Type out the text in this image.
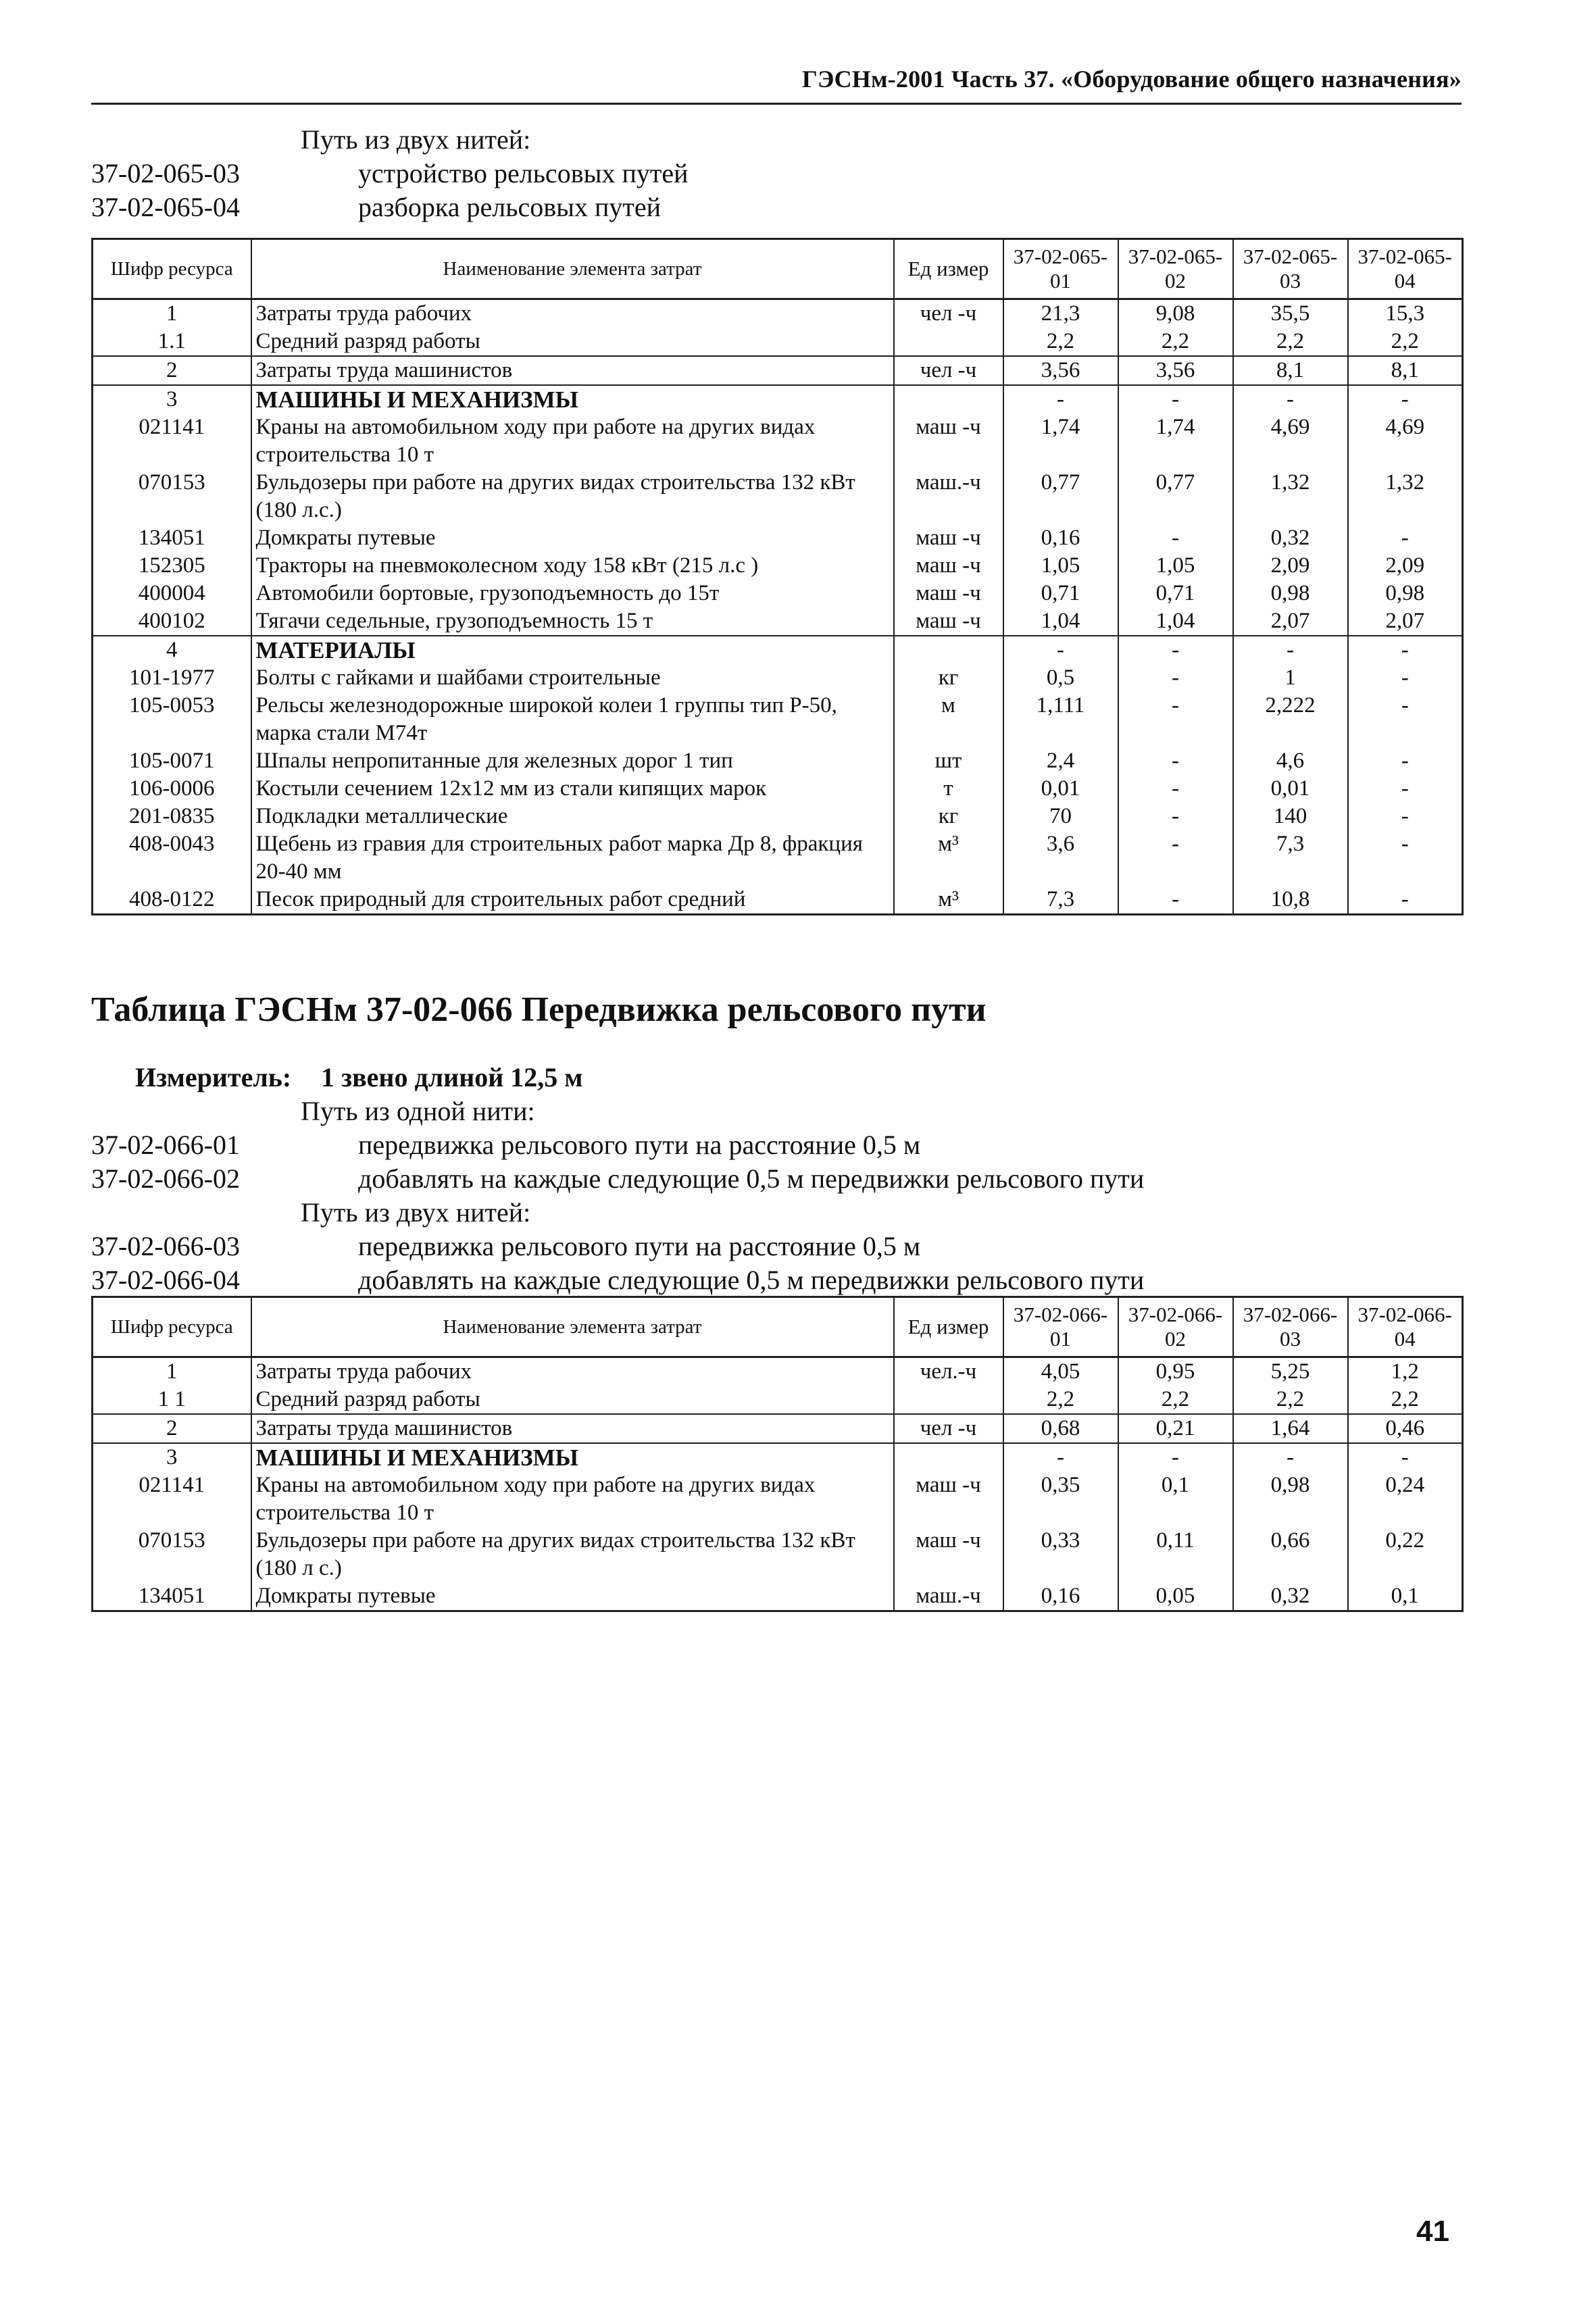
ГЭСНм-2001 Часть 37. «Оборудование общего назначения»
Путь из двух нитей:
37-02-065-03	устройство рельсовых путей
37-02-065-04	разборка рельсовых путей
Шифр ресурса	Наименование элемента затрат	Ед измер	37-02-065-01	37-02-065-02	37-02-065-03	37-02-065-04
1	Затраты труда рабочих	чел -ч	21,3	9,08	35,5	15,3
1.1	Средний разряд работы		2,2	2,2	2,2	2,2
2	Затраты труда машинистов	чел -ч	3,56	3,56	8,1	8,1
3	МАШИНЫ И МЕХАНИЗМЫ		-	-	-	-
021141	Краны на автомобильном ходу при работе на других видах строительства 10 т	маш -ч	1,74	1,74	4,69	4,69
070153	Бульдозеры при работе на других видах строительства 132 кВт (180 л.с.)	маш.-ч	0,77	0,77	1,32	1,32
134051	Домкраты путевые	маш -ч	0,16	-	0,32	-
152305	Тракторы на пневмоколесном ходу 158 кВт (215 л.с )	маш -ч	1,05	1,05	2,09	2,09
400004	Автомобили бортовые, грузоподъемность до 15т	маш -ч	0,71	0,71	0,98	0,98
400102	Тягачи седельные, грузоподъемность 15 т	маш -ч	1,04	1,04	2,07	2,07
4	МАТЕРИАЛЫ		-	-	-	-
101-1977	Болты с гайками и шайбами строительные	кг	0,5	-	1	-
105-0053	Рельсы железнодорожные широкой колеи 1 группы тип Р-50, марка стали М74т	м	1,111	-	2,222	-
105-0071	Шпалы непропитанные для железных дорог 1 тип	шт	2,4	-	4,6	-
106-0006	Костыли сечением 12х12 мм из стали кипящих марок	т	0,01	-	0,01	-
201-0835	Подкладки металлические	кг	70	-	140	-
408-0043	Щебень из гравия для строительных работ марка Др 8, фракция 20-40 мм	м³	3,6	-	7,3	-
408-0122	Песок природный для строительных работ средний	м³	7,3	-	10,8	-
Таблица ГЭСНм 37-02-066 Передвижка рельсового пути
Измеритель: 1 звено длиной 12,5 м
Путь из одной нити:
37-02-066-01	передвижка рельсового пути на расстояние 0,5 м
37-02-066-02	добавлять на каждые следующие 0,5 м передвижки рельсового пути
Путь из двух нитей:
37-02-066-03	передвижка рельсового пути на расстояние 0,5 м
37-02-066-04	добавлять на каждые следующие 0,5 м передвижки рельсового пути
Шифр ресурса	Наименование элемента затрат	Ед измер	37-02-066-01	37-02-066-02	37-02-066-03	37-02-066-04
1	Затраты труда рабочих	чел.-ч	4,05	0,95	5,25	1,2
1 1	Средний разряд работы		2,2	2,2	2,2	2,2
2	Затраты труда машинистов	чел -ч	0,68	0,21	1,64	0,46
3	МАШИНЫ И МЕХАНИЗМЫ		-	-	-	-
021141	Краны на автомобильном ходу при работе на других видах строительства 10 т	маш -ч	0,35	0,1	0,98	0,24
070153	Бульдозеры при работе на других видах строительства 132 кВт (180 л с.)	маш -ч	0,33	0,11	0,66	0,22
134051	Домкраты путевые	маш.-ч	0,16	0,05	0,32	0,1
41
